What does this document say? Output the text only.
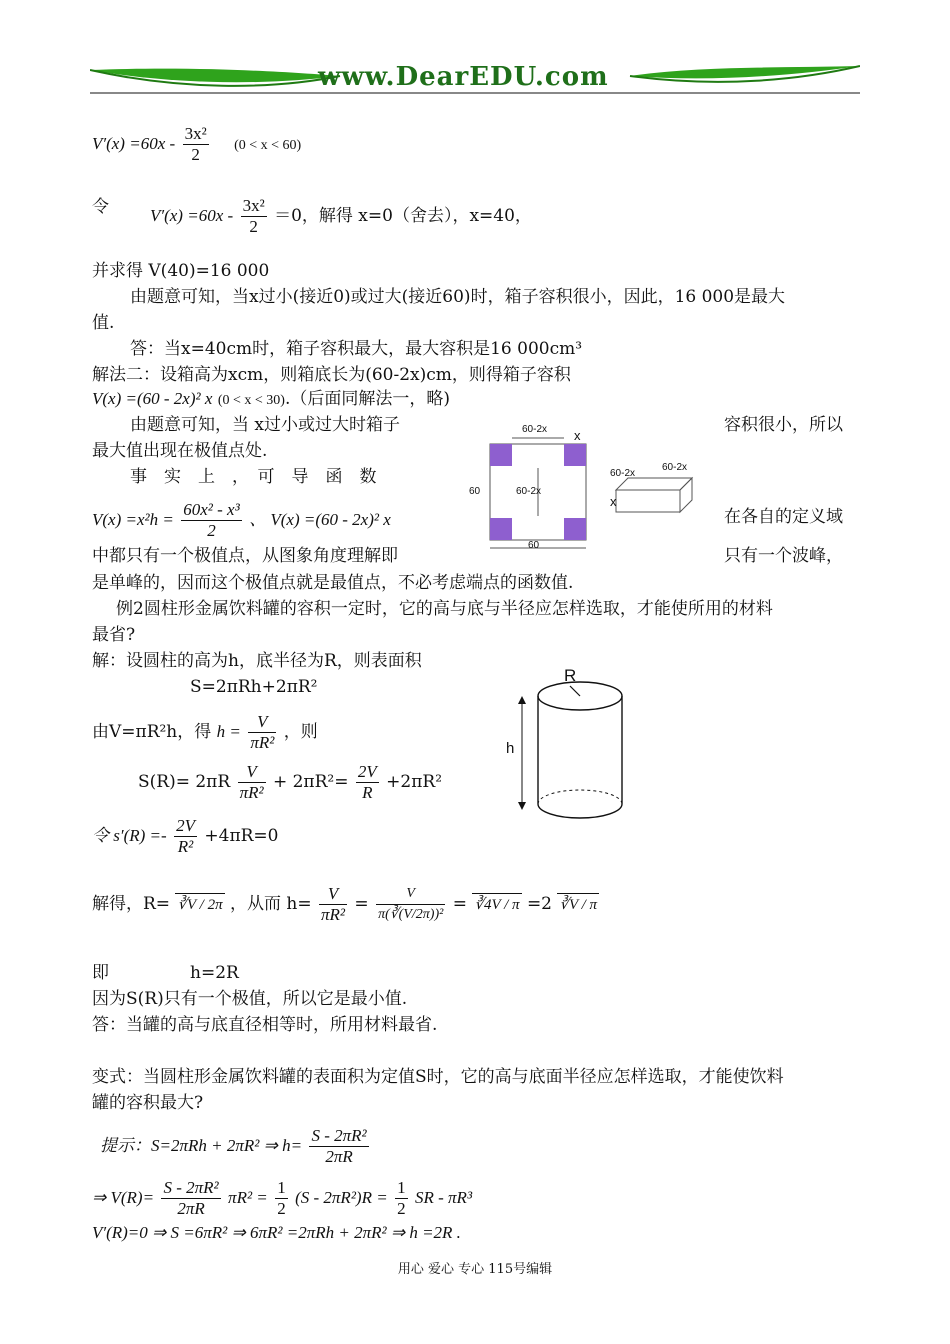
www.DearEDU.com
$V'(x) =60x - \frac{\text{3x²}}{2} (0 < x < 60)$
令 $V'(x) =60x - \frac{\text{3x²}}{2} =0$，解得 x=0（舍去），x=40，
并求得 V(40)=16 000
由题意可知，当x过小(接近0)或过大(接近60)时，箱子容积很小，因此，16 000是最大
值.
答：当x=40cm时，箱子容积最大，最大容积是16 000cm³
解法二：设箱高为xcm，则箱底长为(60-2x)cm，则得箱子容积
V(x) =(60 - 2x)² x (0 < x < 30).（后面同解法一，略)
由题意可知，当 x过小或过大时箱子	容积很小，所以
最大值出现在极值点处.
事　实　上　，　可　导　函　数
$V(x) =x^2h = \frac{\text{60x² - x³}}{2}$ 、 V(x) =(60 - 2x)² x	在各自的定义域
中都只有一个极值点，从图象角度理解即	只有一个波峰，
是单峰的，因而这个极值点就是最值点，不必考虑端点的函数值.
例2圆柱形金属饮料罐的容积一定时，它的高与底与半径应怎样选取，才能使所用的材料
最省?
解：设圆柱的高为h，底半径为R，则表面积
S=2πRh+2πR²
由V=πR²h，得 $h = \frac{V}{\text{πR²}}$ ，则
$S(R)= 2\pi R \frac{V}{\text{πR²}} + 2\pi R^2= \frac{2V}{R} +2\pi R^2$
令 $s'(R) =- \frac{2V}{\text{R²}} +4\pi R=0$
解得，R= ∛V / 2π ，从而 $h= \frac{V}{\text{πR²}} = \frac{V}{\text{π(∛(V/2π))²}}$ = ∛4V / π =2 ∛V / π
即	h=2R
因为S(R)只有一个极值，所以它是最小值.
答：当罐的高与底直径相等时，所用材料最省.
变式：当圆柱形金属饮料罐的表面积为定值S时，它的高与底面半径应怎样选取，才能使饮料
罐的容积最大?
提示：S=2πRh + 2πR² ⇒ $h= \frac{\text{S - 2πR²}}{2\pi R}$
⇒ $V(R)= \frac{\text{S - 2πR²}}{2\pi R} \pi R^2 = \frac{1}{2} (S - 2\pi R^2)R = \frac{1}{2}$ SR - πR³
V′(R)=0 ⇒ S =6πR² ⇒ 6πR² =2πRh + 2πR² ⇒ h =2R .
60-2x x
60	60-2x
60
60-2x
60-2x
x
R
h
用心 爱心 专心 115号编辑
